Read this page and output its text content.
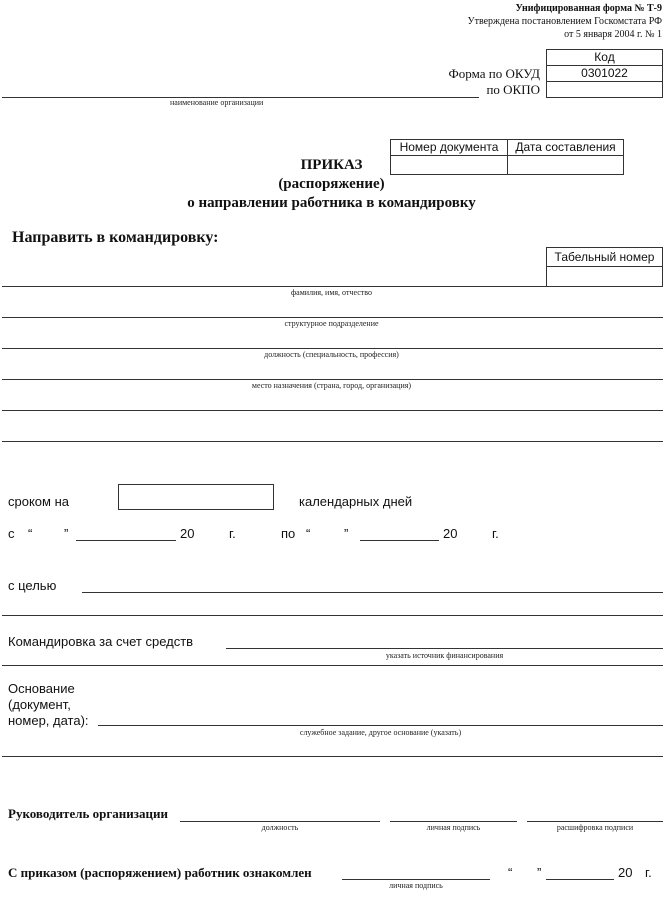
Унифицированная форма № Т-9
Утверждена постановлением Госкомстата РФ
от 5 января 2004 г. № 1
Форма по ОКУД
по ОКПО
Код
0301022
наименование организации
Номер документа	Дата составления
ПРИКАЗ
(распоряжение)
о направлении работника в командировку
Направить в командировку:
Табельный номер
фамилия, имя, отчество
структурное подразделение
должность (специальность, профессия)
место назначения (страна, город, организация)
сроком на	календарных дней
с “ ”	20	г.	по “	”	20	г.
с целью
Командировка за счет средств
указать источник финансирования
Основание
(документ,
номер, дата):
служебное задание, другое основание (указать)
Руководитель организации
должность	личная подпись	расшифровка подписи
С приказом (распоряжением) работник ознакомлен
личная подпись
“ ”	20 г.
